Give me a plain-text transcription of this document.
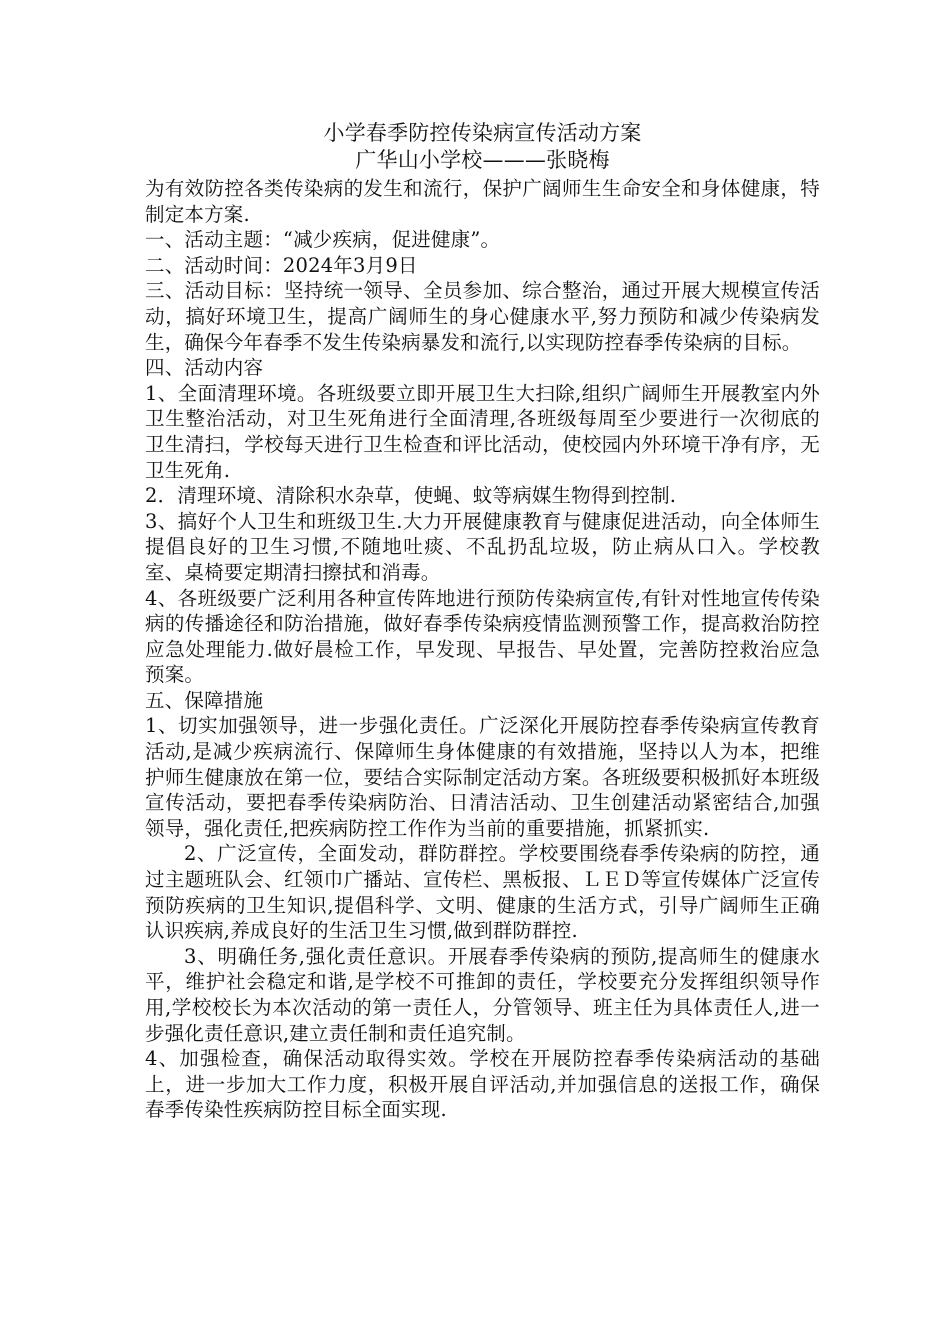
小学春季防控传染病宣传活动方案
广华山小学校———张晓梅

为有效防控各类传染病的发生和流行，保护广阔师生生命安全和身体健康，特制定本方案.

一、活动主题：“减少疾病，促进健康”。

二、活动时间：2024年3月9日

三、活动目标：坚持统一领导、全员参加、综合整治，通过开展大规模宣传活动，搞好环境卫生，提高广阔师生的身心健康水平,努力预防和减少传染病发生，确保今年春季不发生传染病暴发和流行,以实现防控春季传染病的目标。

四、活动内容

1、全面清理环境。各班级要立即开展卫生大扫除,组织广阔师生开展教室内外卫生整治活动，对卫生死角进行全面清理,各班级每周至少要进行一次彻底的卫生清扫，学校每天进行卫生检查和评比活动，使校园内外环境干净有序，无卫生死角.

2．清理环境、清除积水杂草，使蝇、蚊等病媒生物得到控制.

3、搞好个人卫生和班级卫生.大力开展健康教育与健康促进活动，向全体师生提倡良好的卫生习惯,不随地吐痰、不乱扔乱垃圾，防止病从口入。学校教室、桌椅要定期清扫擦拭和消毒。

4、各班级要广泛利用各种宣传阵地进行预防传染病宣传,有针对性地宣传传染病的传播途径和防治措施，做好春季传染病疫情监测预警工作，提高救治防控应急处理能力.做好晨检工作，早发现、早报告、早处置，完善防控救治应急预案。

五、保障措施

1、切实加强领导，进一步强化责任。广泛深化开展防控春季传染病宣传教育活动,是减少疾病流行、保障师生身体健康的有效措施，坚持以人为本，把维护师生健康放在第一位，要结合实际制定活动方案。各班级要积极抓好本班级宣传活动，要把春季传染病防治、日清洁活动、卫生创建活动紧密结合,加强领导，强化责任,把疾病防控工作作为当前的重要措施，抓紧抓实.

2、广泛宣传，全面发动，群防群控。学校要围绕春季传染病的防控，通过主题班队会、红领巾广播站、宣传栏、黑板报、ＬＥＤ等宣传媒体广泛宣传预防疾病的卫生知识,提倡科学、文明、健康的生活方式，引导广阔师生正确认识疾病,养成良好的生活卫生习惯,做到群防群控.

3、明确任务,强化责任意识。开展春季传染病的预防,提高师生的健康水平，维护社会稳定和谐,是学校不可推卸的责任，学校要充分发挥组织领导作用,学校校长为本次活动的第一责任人，分管领导、班主任为具体责任人,进一步强化责任意识,建立责任制和责任追究制。

4、加强检查，确保活动取得实效。学校在开展防控春季传染病活动的基础上，进一步加大工作力度，积极开展自评活动,并加强信息的送报工作，确保春季传染性疾病防控目标全面实现.
